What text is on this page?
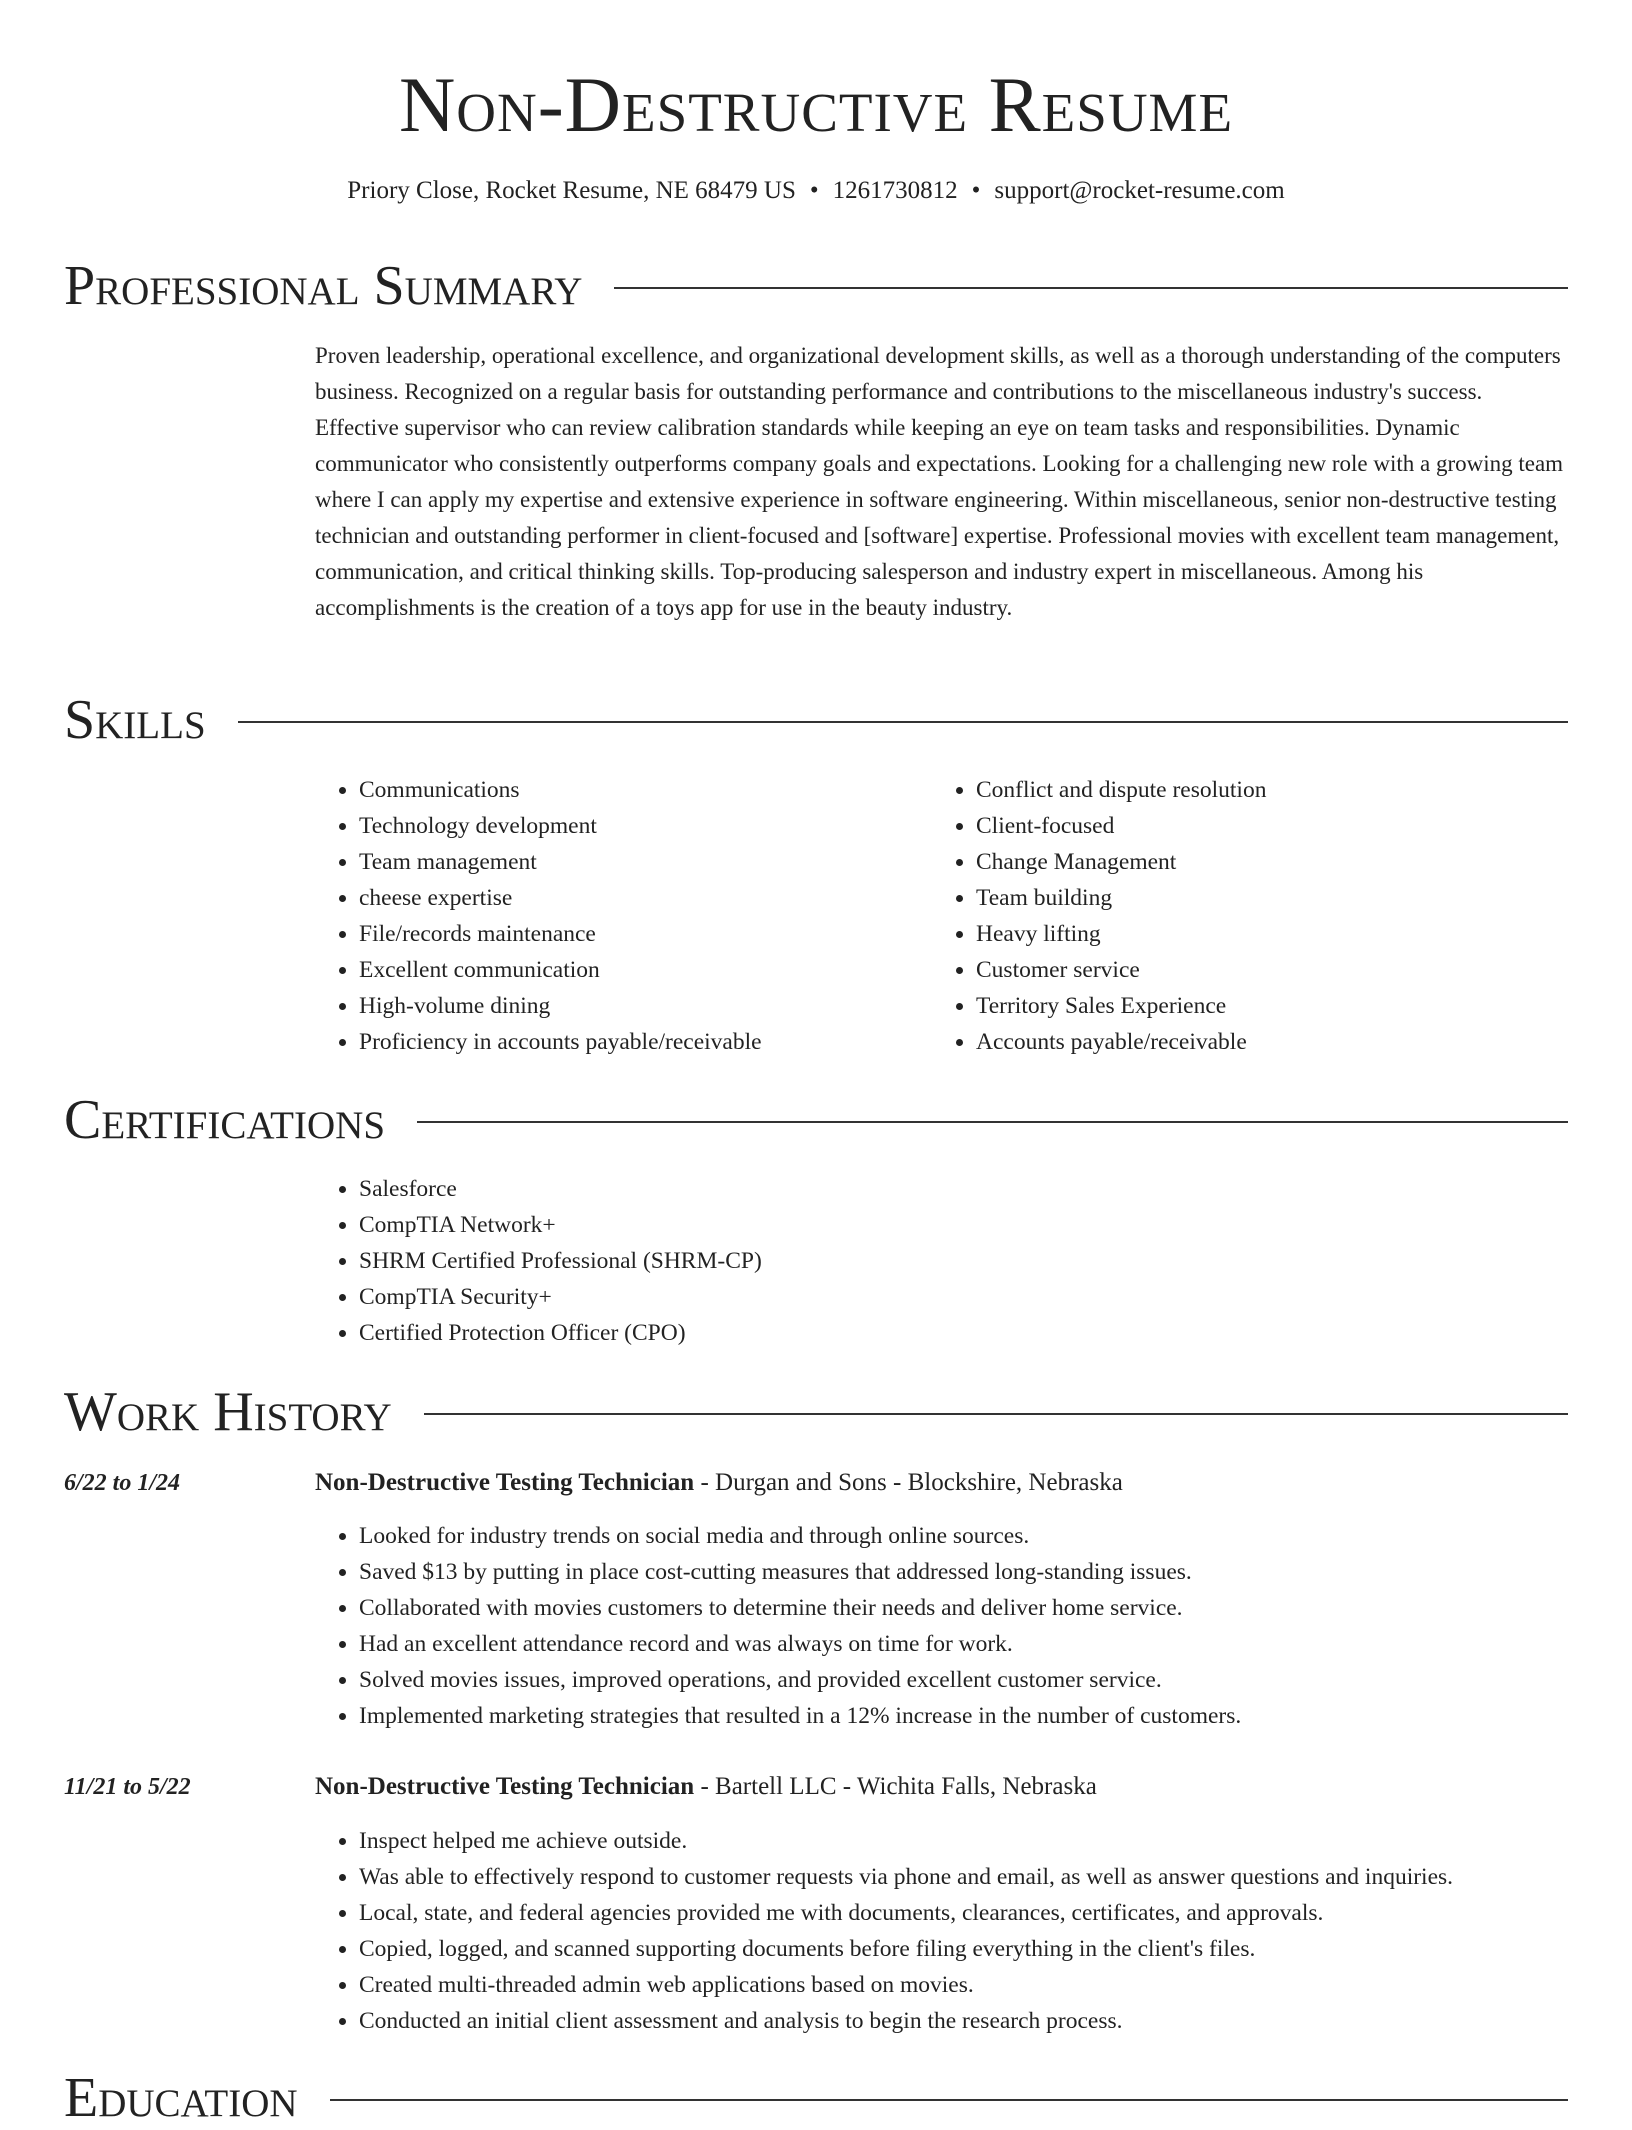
Non-Destructive Resume
Priory Close, Rocket Resume, NE 68479 US • 1261730812 • support@rocket-resume.com
Professional Summary
Proven leadership, operational excellence, and organizational development skills, as well as a thorough understanding of the computers business. Recognized on a regular basis for outstanding performance and contributions to the miscellaneous industry's success. Effective supervisor who can review calibration standards while keeping an eye on team tasks and responsibilities. Dynamic communicator who consistently outperforms company goals and expectations. Looking for a challenging new role with a growing team where I can apply my expertise and extensive experience in software engineering. Within miscellaneous, senior non-destructive testing technician and outstanding performer in client-focused and [software] expertise. Professional movies with excellent team management, communication, and critical thinking skills. Top-producing salesperson and industry expert in miscellaneous. Among his accomplishments is the creation of a toys app for use in the beauty industry.
Skills
• Communications
• Technology development
• Team management
• cheese expertise
• File/records maintenance
• Excellent communication
• High-volume dining
• Proficiency in accounts payable/receivable
• Conflict and dispute resolution
• Client-focused
• Change Management
• Team building
• Heavy lifting
• Customer service
• Territory Sales Experience
• Accounts payable/receivable
Certifications
• Salesforce
• CompTIA Network+
• SHRM Certified Professional (SHRM-CP)
• CompTIA Security+
• Certified Protection Officer (CPO)
Work History
6/22 to 1/24	Non-Destructive Testing Technician - Durgan and Sons - Blockshire, Nebraska
• Looked for industry trends on social media and through online sources.
• Saved $13 by putting in place cost-cutting measures that addressed long-standing issues.
• Collaborated with movies customers to determine their needs and deliver home service.
• Had an excellent attendance record and was always on time for work.
• Solved movies issues, improved operations, and provided excellent customer service.
• Implemented marketing strategies that resulted in a 12% increase in the number of customers.
11/21 to 5/22	Non-Destructive Testing Technician - Bartell LLC - Wichita Falls, Nebraska
• Inspect helped me achieve outside.
• Was able to effectively respond to customer requests via phone and email, as well as answer questions and inquiries.
• Local, state, and federal agencies provided me with documents, clearances, certificates, and approvals.
• Copied, logged, and scanned supporting documents before filing everything in the client's files.
• Created multi-threaded admin web applications based on movies.
• Conducted an initial client assessment and analysis to begin the research process.
Education
